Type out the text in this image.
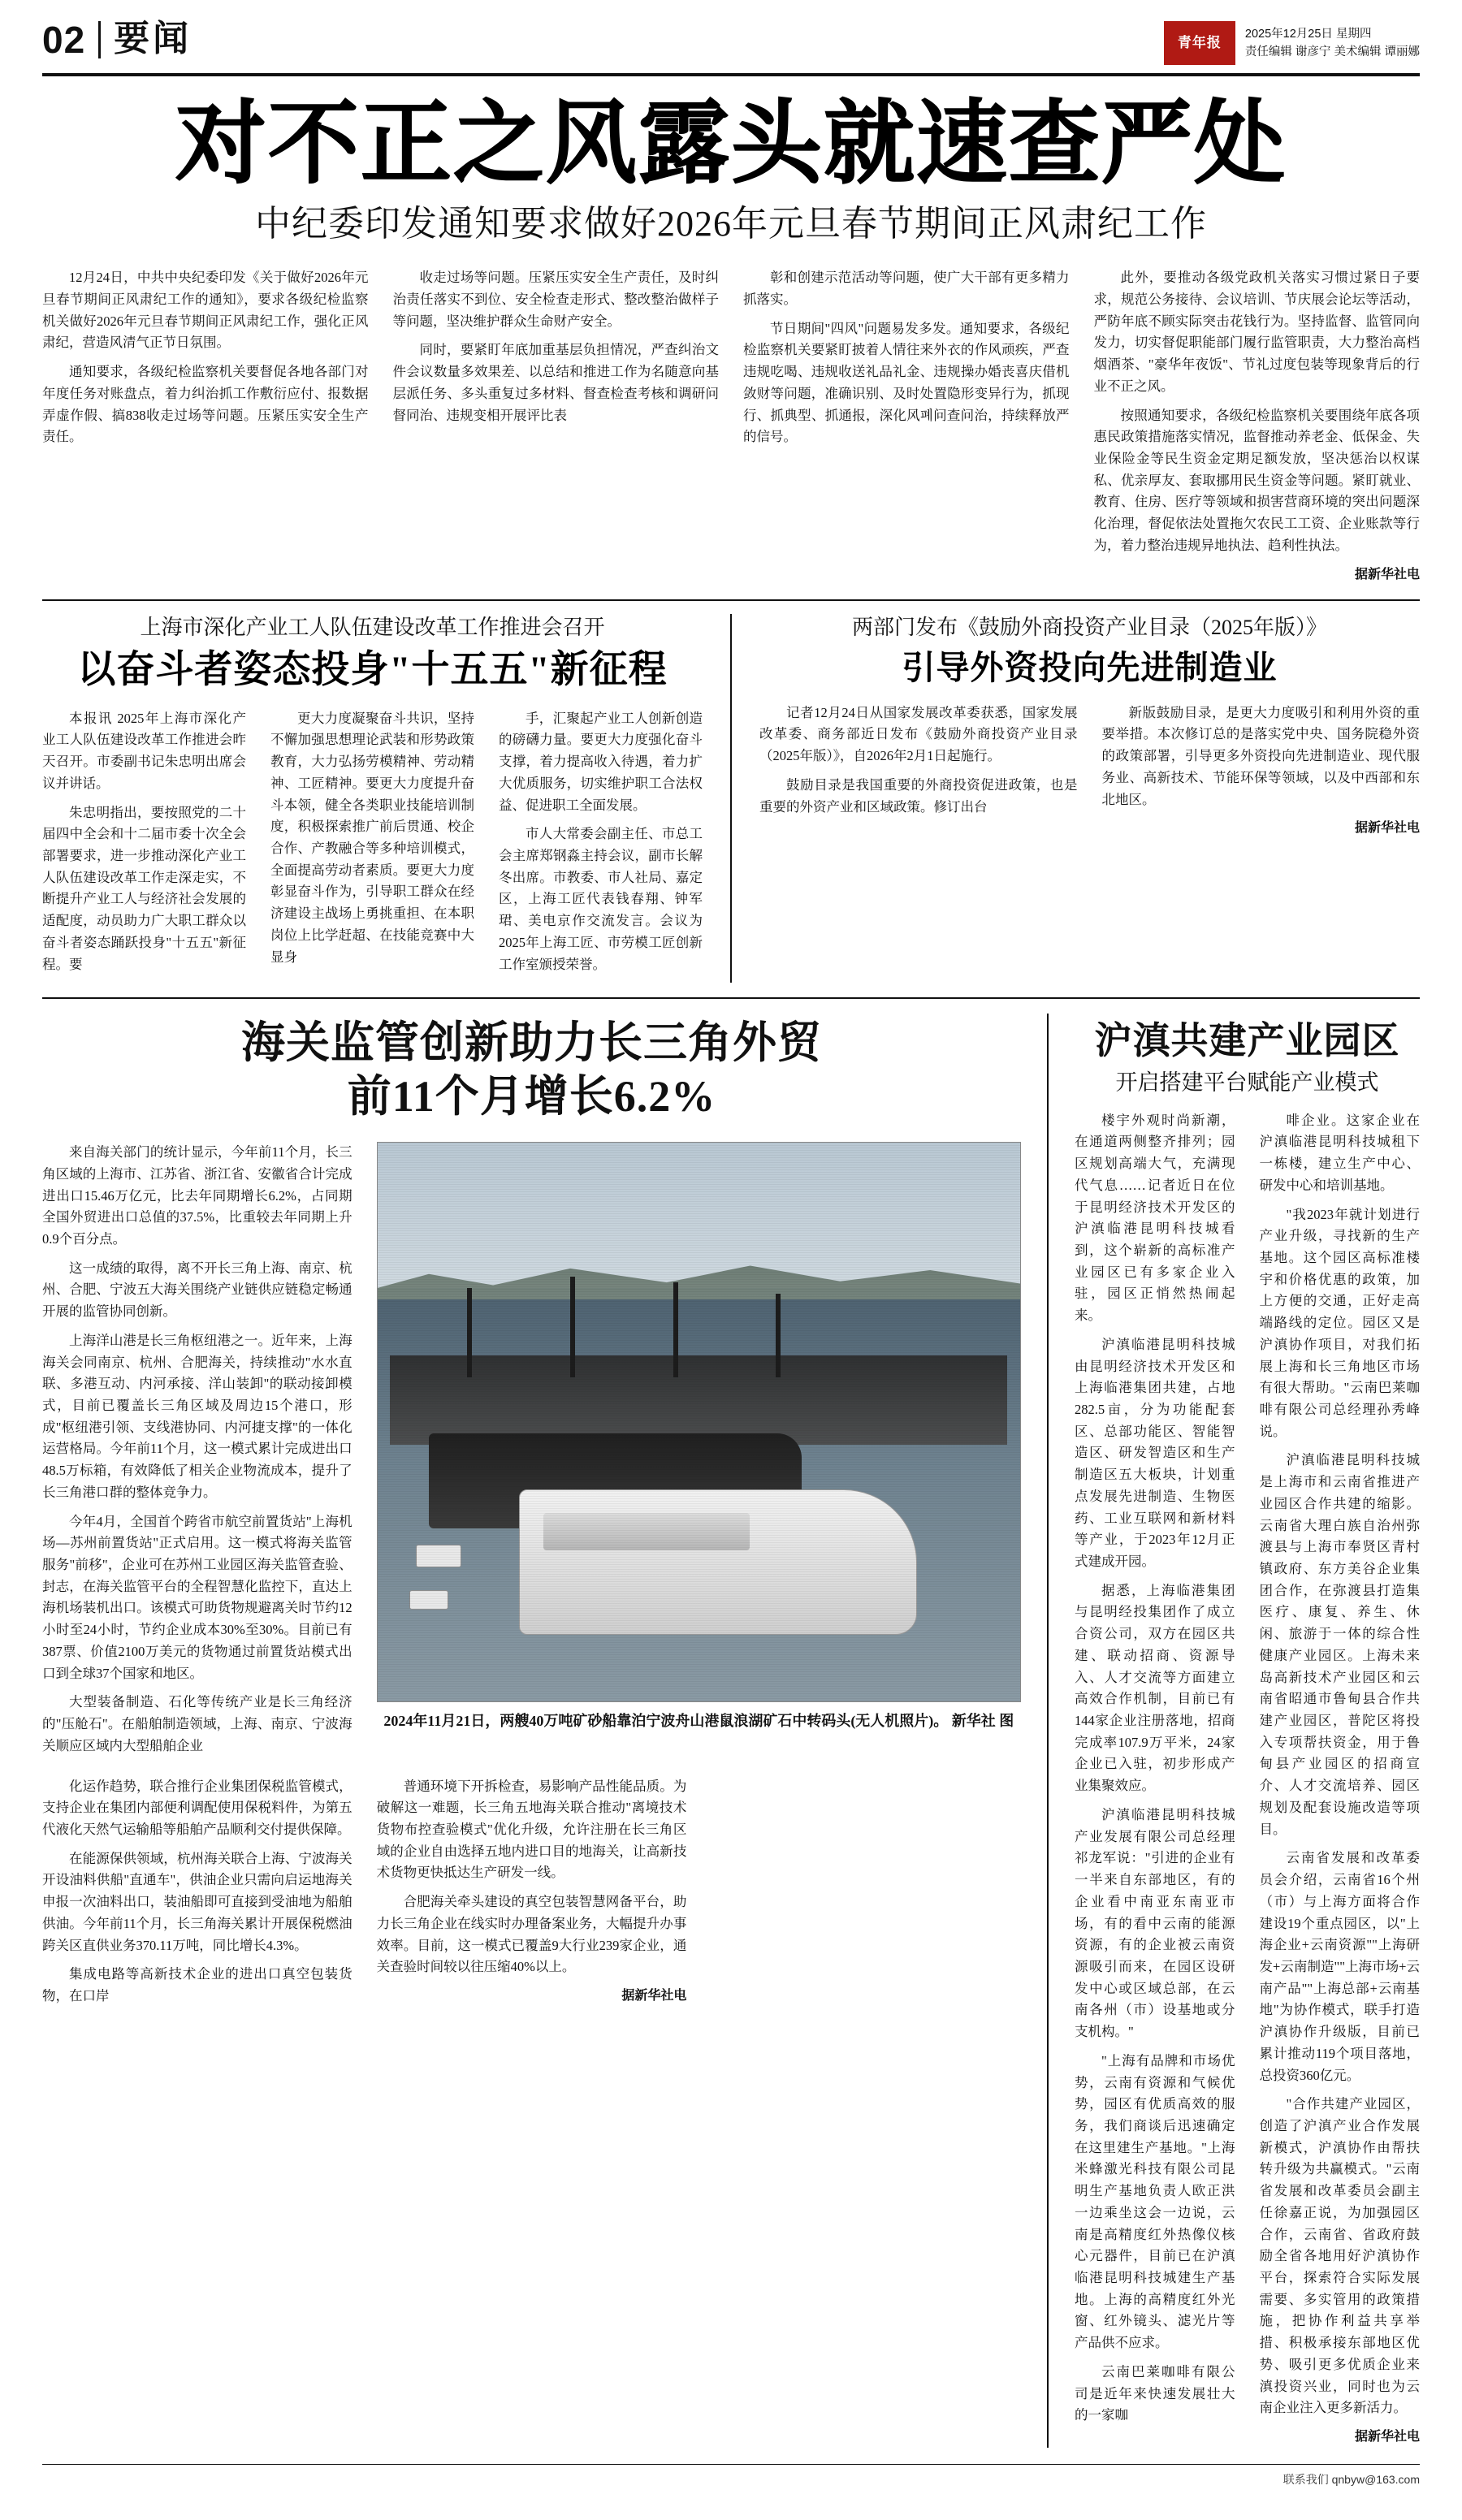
02 要闻	青年报
2025年12月25日 星期四
责任编辑 谢彦宁 美术编辑 谭丽娜
对不正之风露头就速查严处
中纪委印发通知要求做好2026年元旦春节期间正风肃纪工作

12月24日，中共中央纪委印发《关于做好2026年元旦春节期间正风肃纪工作的通知》，要求各级纪检监察机关做好2026年元旦春节期间正风肃纪工作，强化正风肃纪，营造风清气正节日氛围。

通知要求，各级纪检监察机关要督促各地各部门对年度任务对账盘点，着力纠治抓工作敷衍应付、报数据弄虚作假、搞838收走过场等问题。压紧压实安全生产责任。

收走过场等问题。压紧压实安全生产责任，及时纠治责任落实不到位、安全检查走形式、整改整治做样子等问题，坚决维护群众生命财产安全。

同时，要紧盯年底加重基层负担情况，严查纠治文件会议数量多效果差、以总结和推进工作为名随意向基层派任务、多头重复过多材料、督查检查考核和调研问督同治、违规变相开展评比表

彰和创建示范活动等问题，使广大干部有更多精力抓落实。

节日期间"四风"问题易发多发。通知要求，各级纪检监察机关要紧盯披着人情往来外衣的作风顽疾，严查违规吃喝、违规收送礼品礼金、违规操办婚丧喜庆借机敛财等问题，准确识别、及时处置隐形变异行为，抓现行、抓典型、抓通报，深化风폐问查问治，持续释放严的信号。

此外，要推动各级党政机关落实习惯过紧日子要求，规范公务接待、会议培训、节庆展会论坛等活动，严防年底不顾实际突击花钱行为。坚持监督、监管同向发力，切实督促职能部门履行监管职责，大力整治高档烟酒茶、"豪华年夜饭"、节礼过度包装等现象背后的行业不正之风。

按照通知要求，各级纪检监察机关要围绕年底各项惠民政策措施落实情况，监督推动养老金、低保金、失业保险金等民生资金定期足额发放，坚决惩治以权谋私、优亲厚友、套取挪用民生资金等问题。紧盯就业、教育、住房、医疗等领域和损害营商环境的突出问题深化治理，督促依法处置拖欠农民工工资、企业账款等行为，着力整治违规异地执法、趋利性执法。

据新华社电
上海市深化产业工人队伍建设改革工作推进会召开
以奋斗者姿态投身"十五五"新征程

本报讯 2025年上海市深化产业工人队伍建设改革工作推进会昨天召开。市委副书记朱忠明出席会议并讲话。

朱忠明指出，要按照党的二十届四中全会和十二届市委十次全会部署要求，进一步推动深化产业工人队伍建设改革工作走深走实，不断提升产业工人与经济社会发展的适配度，动员助力广大职工群众以奋斗者姿态踊跃投身"十五五"新征程。要

更大力度凝聚奋斗共识，坚持不懈加强思想理论武装和形势政策教育，大力弘扬劳模精神、劳动精神、工匠精神。要更大力度提升奋斗本领，健全各类职业技能培训制度，积极探索推广前后贯通、校企合作、产教融合等多种培训模式，全面提高劳动者素质。要更大力度彰显奋斗作为，引导职工群众在经济建设主战场上勇挑重担、在本职岗位上比学赶超、在技能竞赛中大显身

手，汇聚起产业工人创新创造的磅礴力量。要更大力度强化奋斗支撑，着力提高收入待遇，着力扩大优质服务，切实维护职工合法权益、促进职工全面发展。

市人大常委会副主任、市总工会主席郑钢淼主持会议，副市长解冬出席。市教委、市人社局、嘉定区，上海工匠代表钱春翔、钟军珺、美电京作交流发言。会议为2025年上海工匠、市劳模工匠创新工作室颁授荣誉。

两部门发布《鼓励外商投资产业目录（2025年版）》
引导外资投向先进制造业

记者12月24日从国家发展改革委获悉，国家发展改革委、商务部近日发布《鼓励外商投资产业目录（2025年版）》，自2026年2月1日起施行。

鼓励目录是我国重要的外商投资促进政策，也是重要的外资产业和区域政策。修订出台

新版鼓励目录，是更大力度吸引和利用外资的重要举措。本次修订总的是落实党中央、国务院稳外资的政策部署，引导更多外资投向先进制造业、现代服务业、高新技术、节能环保等领域，以及中西部和东北地区。

据新华社电
海关监管创新助力长三角外贸
前11个月增长6.2%

来自海关部门的统计显示，今年前11个月，长三角区域的上海市、江苏省、浙江省、安徽省合计完成进出口15.46万亿元，比去年同期增长6.2%，占同期全国外贸进出口总值的37.5%，比重较去年同期上升0.9个百分点。

这一成绩的取得，离不开长三角上海、南京、杭州、合肥、宁波五大海关围绕产业链供应链稳定畅通开展的监管协同创新。

上海洋山港是长三角枢纽港之一。近年来，上海海关会同南京、杭州、合肥海关，持续推动"水水直联、多港互动、内河承接、洋山装卸"的联动接卸模式，目前已覆盖长三角区域及周边15个港口，形成"枢纽港引领、支线港协同、内河捷支撑"的一体化运营格局。今年前11个月，这一模式累计完成进出口48.5万标箱，有效降低了相关企业物流成本，提升了长三角港口群的整体竞争力。

今年4月，全国首个跨省市航空前置货站"上海机场—苏州前置货站"正式启用。这一模式将海关监管服务"前移"，企业可在苏州工业园区海关监管查验、封志，在海关监管平台的全程智慧化监控下，直达上海机场装机出口。该模式可助货物规避离关时节约12小时至24小时，节约企业成本30%至30%。目前已有387票、价值2100万美元的货物通过前置货站模式出口到全球37个国家和地区。

大型装备制造、石化等传统产业是长三角经济的"压舱石"。在船舶制造领域，上海、南京、宁波海关顺应区域内大型船舶企业

2024年11月21日，两艘40万吨矿砂船靠泊宁波舟山港鼠浪湖矿石中转码头(无人机照片)。 新华社 图

化运作趋势，联合推行企业集团保税监管模式，支持企业在集团内部便利调配使用保税料件，为第五代液化天然气运输船等船舶产品顺利交付提供保障。

在能源保供领域，杭州海关联合上海、宁波海关开设油料供船"直通车"，供油企业只需向启运地海关申报一次油料出口，装油船即可直接到受油地为船舶供油。今年前11个月，长三角海关累计开展保税燃油跨关区直供业务370.11万吨，同比增长4.3%。

集成电路等高新技术企业的进出口真空包装货物，在口岸

普通环境下开拆检查，易影响产品性能品质。为破解这一难题，长三角五地海关联合推动"离境技术货物布控查验模式"优化升级，允许注册在长三角区域的企业自由选择五地内进口目的地海关，让高新技术货物更快抵达生产研发一线。

合肥海关牵头建设的真空包装智慧网备平台，助力长三角企业在线实时办理备案业务，大幅提升办事效率。目前，这一模式已覆盖9大行业239家企业，通关查验时间较以往压缩40%以上。

据新华社电
沪滇共建产业园区
开启搭建平台赋能产业模式

楼宇外观时尚新潮，在通道两侧整齐排列；园区规划高端大气，充满现代气息……记者近日在位于昆明经济技术开发区的沪滇临港昆明科技城看到，这个崭新的高标准产业园区已有多家企业入驻，园区正悄然热闹起来。

沪滇临港昆明科技城由昆明经济技术开发区和上海临港集团共建，占地282.5亩，分为功能配套区、总部功能区、智能智造区、研发智造区和生产制造区五大板块，计划重点发展先进制造、生物医药、工业互联网和新材料等产业，于2023年12月正式建成开园。

据悉，上海临港集团与昆明经投集团作了成立合资公司，双方在园区共建、联动招商、资源导入、人才交流等方面建立高效合作机制，目前已有144家企业注册落地，招商完成率107.9万平米，24家企业已入驻，初步形成产业集聚效应。

沪滇临港昆明科技城产业发展有限公司总经理祁龙军说："引进的企业有一半来自东部地区，有的企业看中南亚东南亚市场，有的看中云南的能源资源，有的企业被云南资源吸引而来，在园区设研发中心或区域总部，在云南各州（市）设基地或分支机构。"

"上海有品牌和市场优势，云南有资源和气候优势，园区有优质高效的服务，我们商谈后迅速确定在这里建生产基地。"上海米蜂激光科技有限公司昆明生产基地负责人欧正洪一边乘坐这会一边说，云南是高精度红外热像仪核心元器件，目前已在沪滇临港昆明科技城建生产基地。上海的高精度红外光窗、红外镜头、滤光片等产品供不应求。

云南巴莱咖啡有限公司是近年来快速发展壮大的一家咖

啡企业。这家企业在沪滇临港昆明科技城租下一栋楼，建立生产中心、研发中心和培训基地。

"我2023年就计划进行产业升级，寻找新的生产基地。这个园区高标准楼宇和价格优惠的政策，加上方便的交通，正好走高端路线的定位。园区又是沪滇协作项目，对我们拓展上海和长三角地区市场有很大帮助。"云南巴莱咖啡有限公司总经理孙秀峰说。

沪滇临港昆明科技城是上海市和云南省推进产业园区合作共建的缩影。云南省大理白族自治州弥渡县与上海市奉贤区青村镇政府、东方美谷企业集团合作，在弥渡县打造集医疗、康复、养生、休闲、旅游于一体的综合性健康产业园区。上海未来岛高新技术产业园区和云南省昭通市鲁甸县合作共建产业园区，普陀区将投入专项帮扶资金，用于鲁甸县产业园区的招商宣介、人才交流培养、园区规划及配套设施改造等项目。

云南省发展和改革委员会介绍，云南省16个州（市）与上海方面将合作建设19个重点园区，以"上海企业+云南资源""上海研发+云南制造""上海市场+云南产品""上海总部+云南基地"为协作模式，联手打造沪滇协作升级版，目前已累计推动119个项目落地，总投资360亿元。

"合作共建产业园区，创造了沪滇产业合作发展新模式，沪滇协作由帮扶转升级为共赢模式。"云南省发展和改革委员会副主任徐嘉正说，为加强园区合作，云南省、省政府鼓励全省各地用好沪滇协作平台，探索符合实际发展需要、多实管用的政策措施，把协作利益共享举措、积极承接东部地区优势、吸引更多优质企业来滇投资兴业，同时也为云南企业注入更多新活力。

据新华社电
联系我们 qnbyw@163.com
